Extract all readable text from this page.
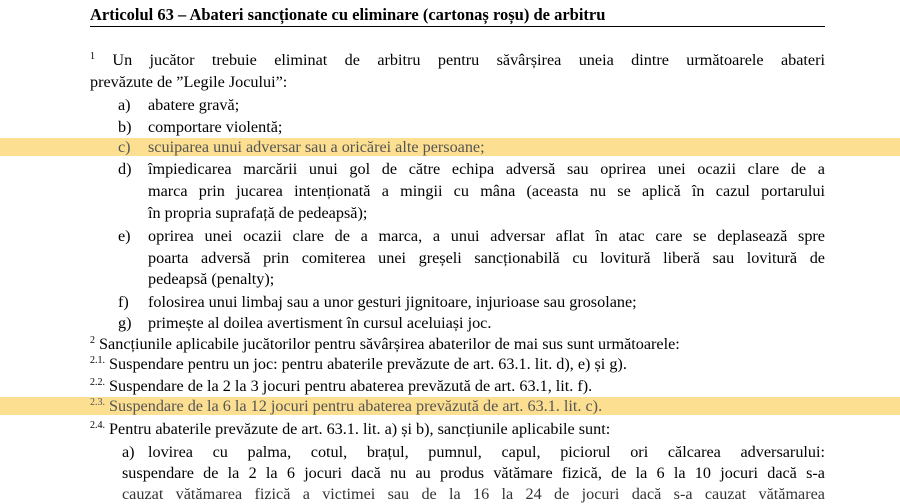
Articolul 63 – Abateri sancționate cu eliminare (cartonaș roșu) de arbitru
$^1$ Un jucător trebuie eliminat de arbitru pentru săvârșirea uneia dintre următoarele abateri
prevăzute de ”Legile Jocului”:
a) abatere gravă;
b) comportare violentă;
c) scuiparea unui adversar sau a oricărei alte persoane;
d) împiedicarea marcării unui gol de către echipa adversă sau oprirea unei ocazii clare de a
marca prin jucarea intenționată a mingii cu mâna (aceasta nu se aplică în cazul portarului
în propria suprafață de pedeapsă);
e) oprirea unei ocazii clare de a marca, a unui adversar aflat în atac care se deplasează spre
poarta adversă prin comiterea unei greșeli sancționabilă cu lovitură liberă sau lovitură de
pedeapsă (penalty);
f) folosirea unui limbaj sau a unor gesturi jignitoare, injurioase sau grosolane;
g) primește al doilea avertisment în cursul aceluiași joc.
$^2$ Sancțiunile aplicabile jucătorilor pentru săvârșirea abaterilor de mai sus sunt următoarele:
$^{2.1.}$ Suspendare pentru un joc: pentru abaterile prevăzute de art. 63.1. lit. d), e) și g).
$^{2.2.}$ Suspendare de la 2 la 3 jocuri pentru abaterea prevăzută de art. 63.1, lit. f).
$^{2.3.}$ Suspendare de la 6 la 12 jocuri pentru abaterea prevăzută de art. 63.1. lit. c).
$^{2.4.}$ Pentru abaterile prevăzute de art. 63.1. lit. a) și b), sancțiunile aplicabile sunt:
a) lovirea cu palma, cotul, brațul, pumnul, capul, piciorul ori călcarea adversarului:
suspendare de la 2 la 6 jocuri dacă nu au produs vătămare fizică, de la 6 la 10 jocuri dacă s-a
cauzat vătămarea fizică a victimei sau de la 16 la 24 de jocuri dacă s-a cauzat vătămarea
